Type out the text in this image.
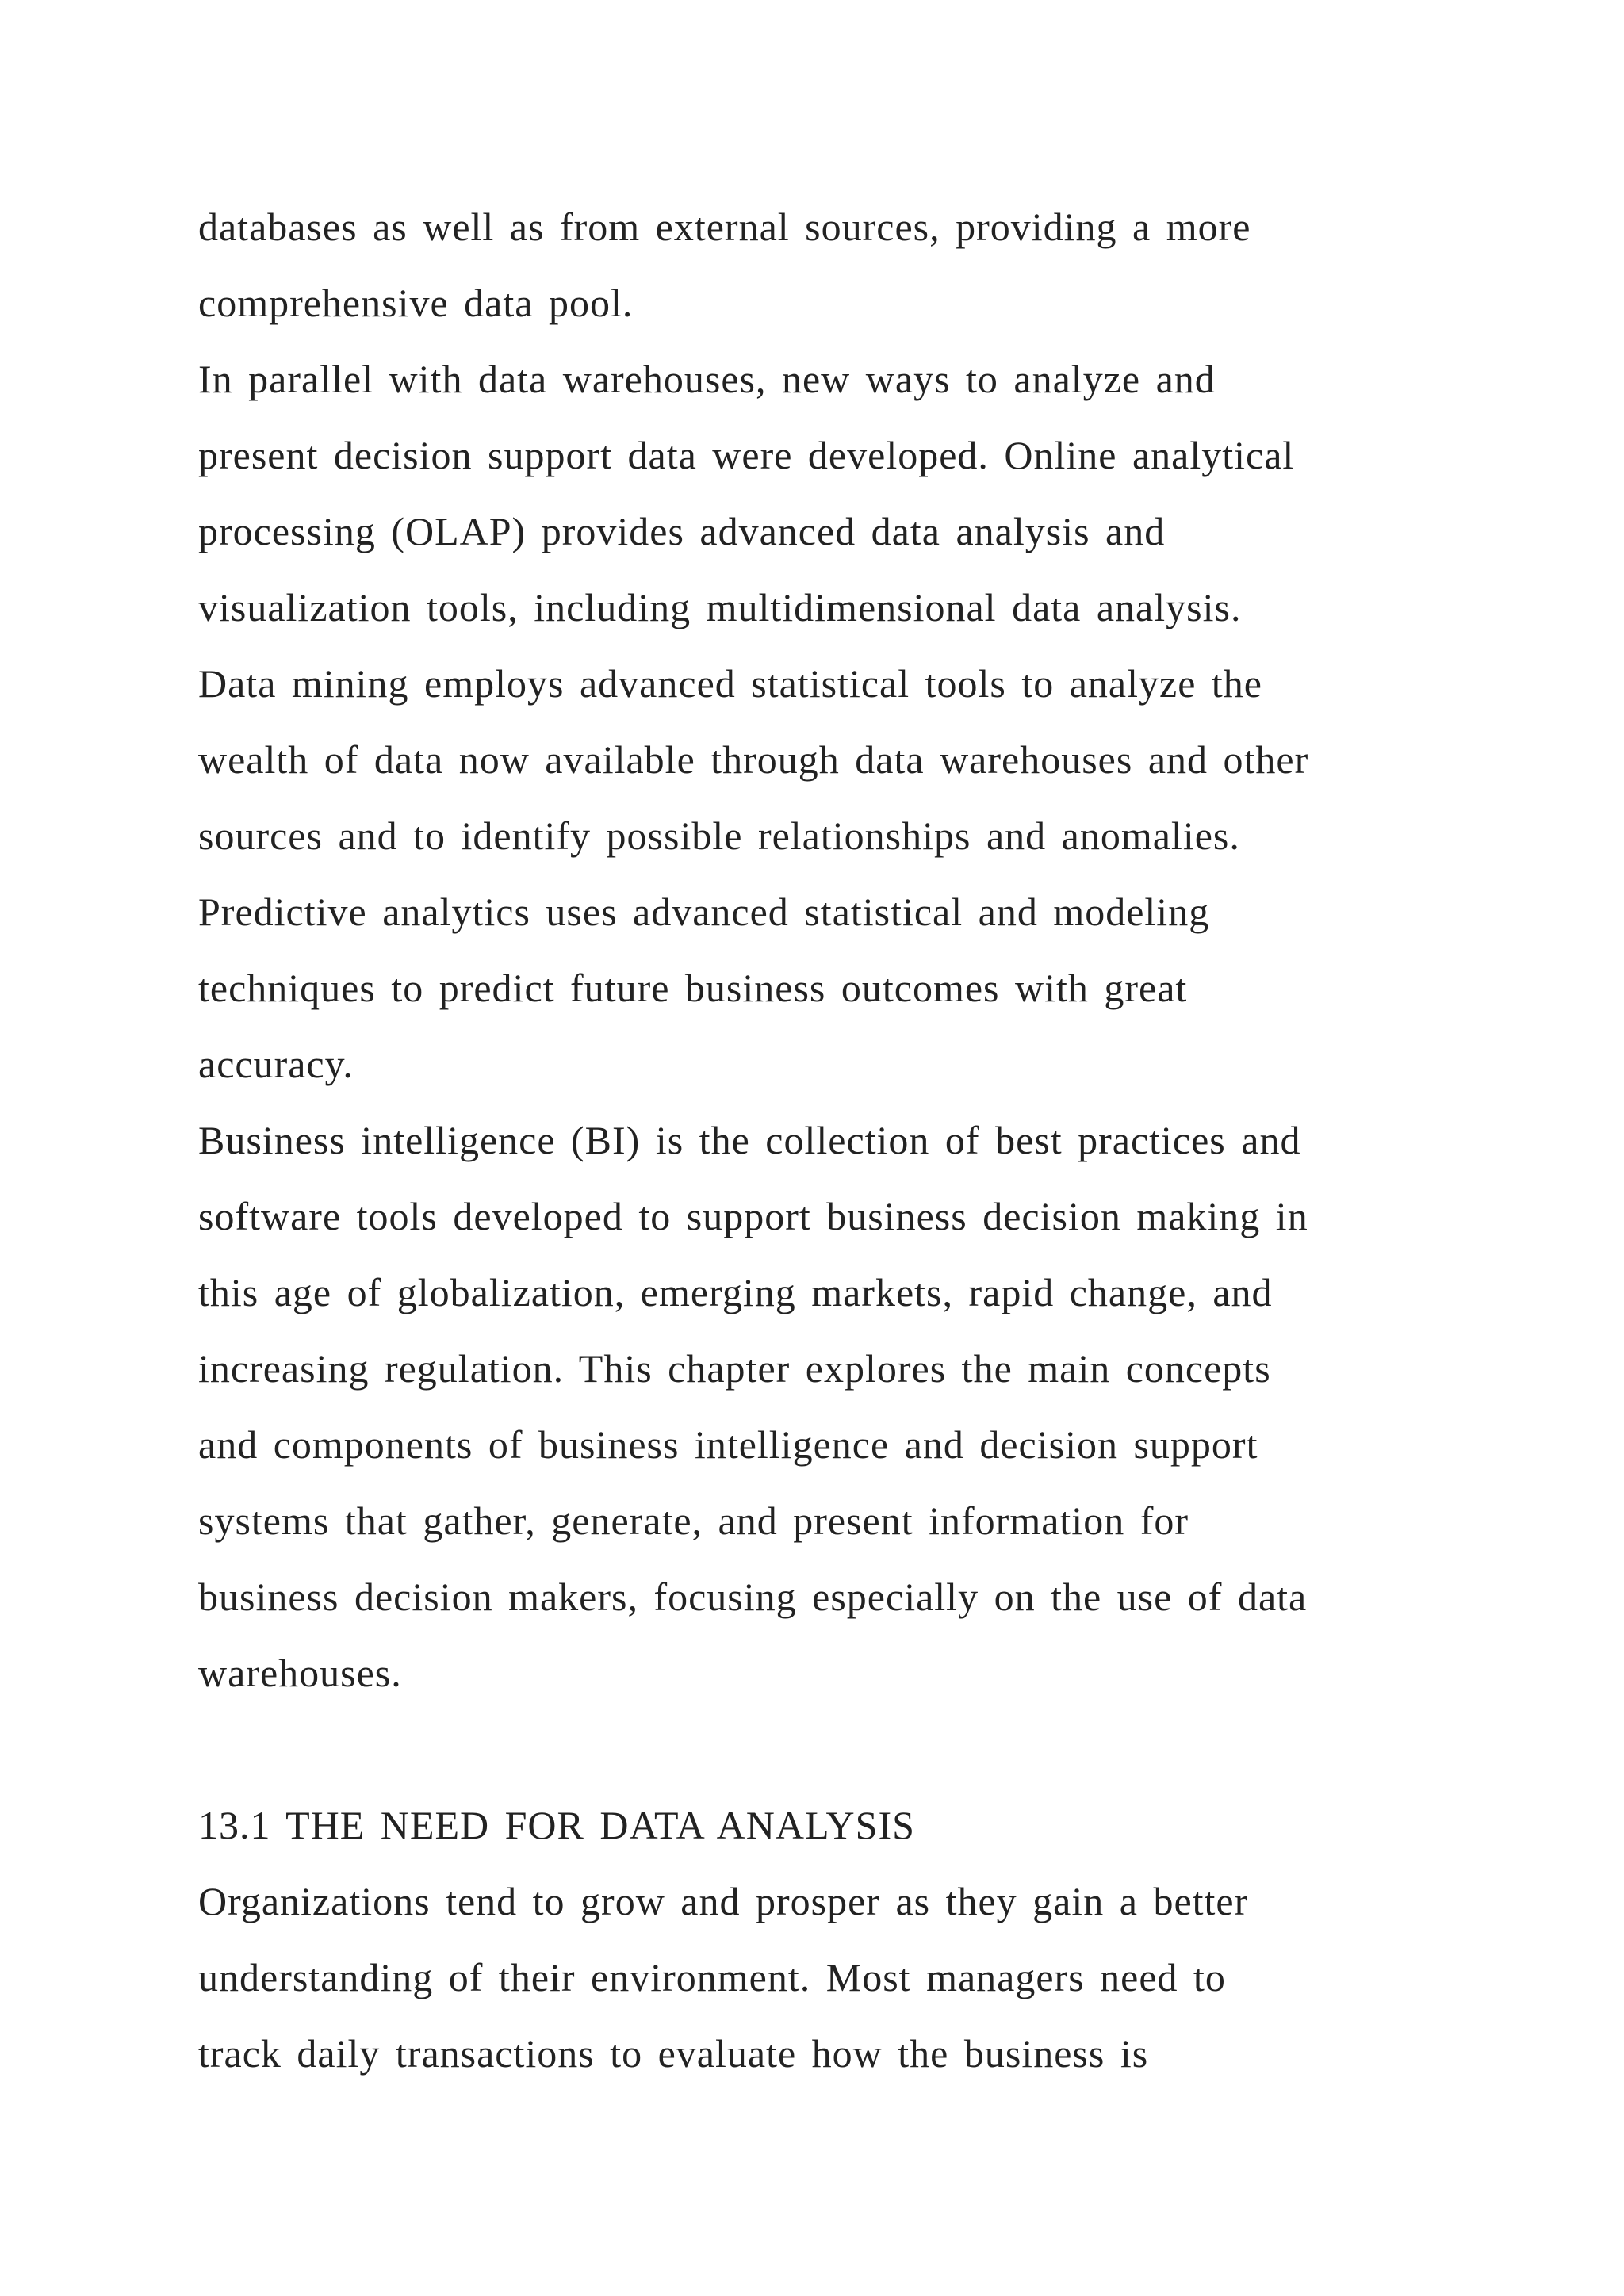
databases as well as from external sources, providing a more
comprehensive data pool.
In parallel with data warehouses, new ways to analyze and
present decision support data were developed. Online analytical
processing (OLAP) provides advanced data analysis and
visualization tools, including multidimensional data analysis.
Data mining employs advanced statistical tools to analyze the
wealth of data now available through data warehouses and other
sources and to identify possible relationships and anomalies.
Predictive analytics uses advanced statistical and modeling
techniques to predict future business outcomes with great
accuracy.
Business intelligence (BI) is the collection of best practices and
software tools developed to support business decision making in
this age of globalization, emerging markets, rapid change, and
increasing regulation. This chapter explores the main concepts
and components of business intelligence and decision support
systems that gather, generate, and present information for
business decision makers, focusing especially on the use of data
warehouses.
13.1 THE NEED FOR DATA ANALYSIS
Organizations tend to grow and prosper as they gain a better
understanding of their environment. Most managers need to
track daily transactions to evaluate how the business is
